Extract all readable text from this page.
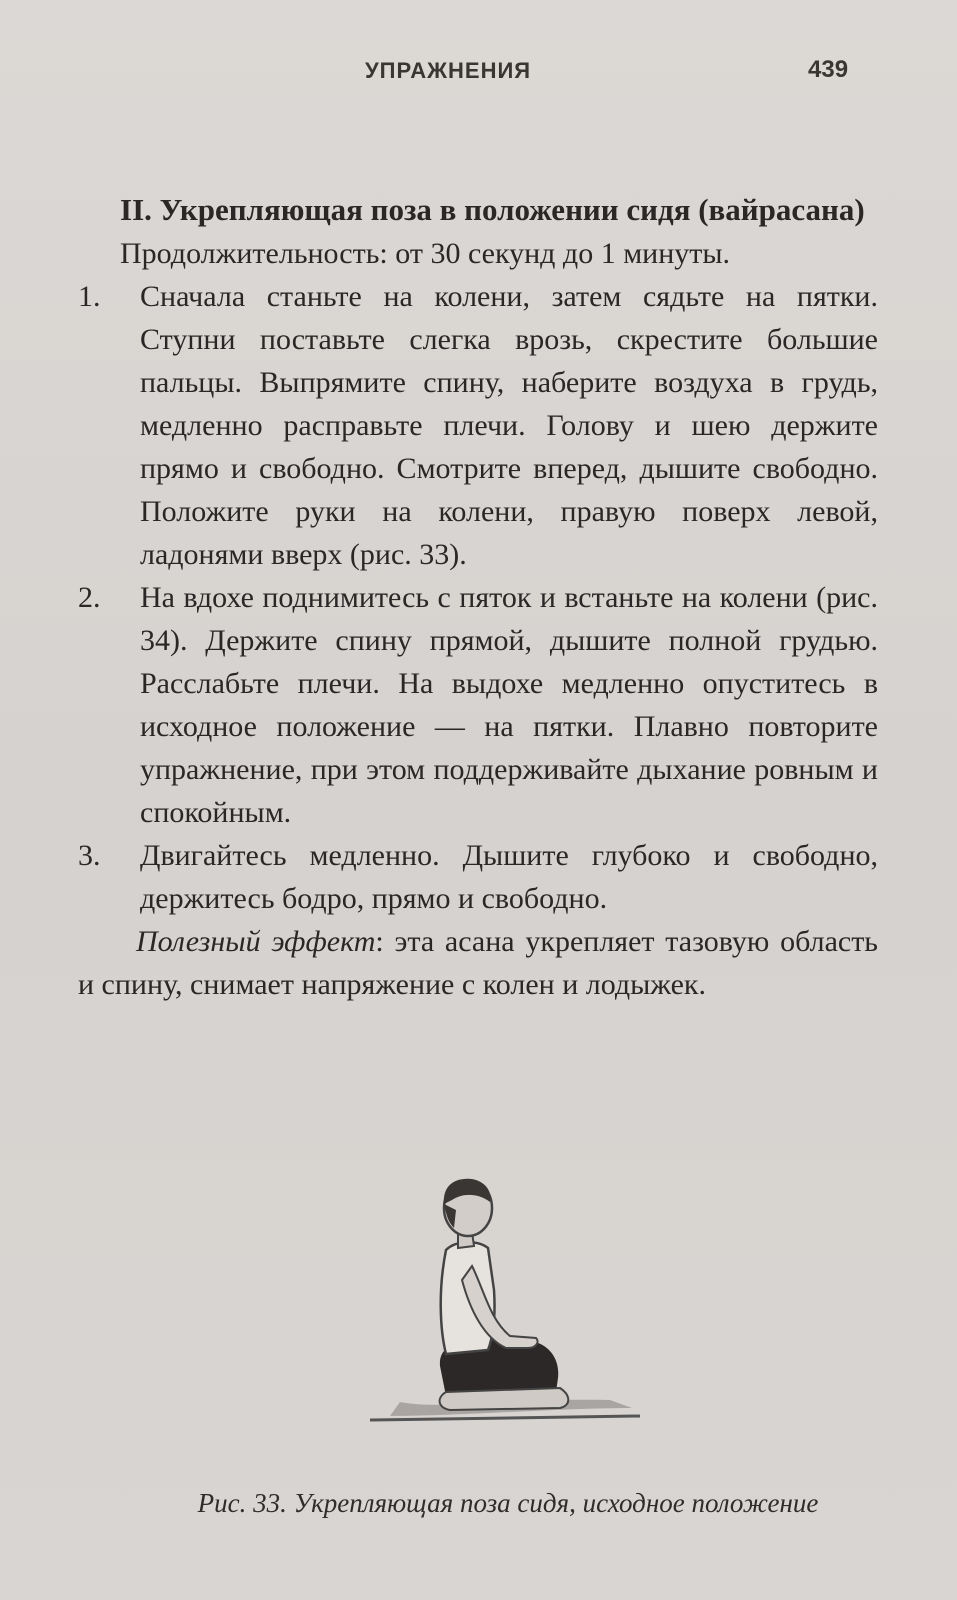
УПРАЖНЕНИЯ	439

II. Укрепляющая поза в положении сидя (вайрасана)

Продолжительность: от 30 секунд до 1 минуты.

1. Сначала станьте на колени, затем сядьте на пятки. Ступни поставьте слегка врозь, скрестите большие пальцы. Выпрямите спину, наберите воздуха в грудь, медленно расправьте плечи. Голову и шею держите прямо и свободно. Смотрите вперед, дышите свободно. Положите руки на колени, правую поверх левой, ладонями вверх (рис. 33).
2. На вдохе поднимитесь с пяток и встаньте на колени (рис. 34). Держите спину прямой, дышите полной грудью. Расслабьте плечи. На выдохе медленно опуститесь в исходное положение — на пятки. Плавно повторите упражнение, при этом поддерживайте дыхание ровным и спокойным.
3. Двигайтесь медленно. Дышите глубоко и свободно, держитесь бодро, прямо и свободно.

Полезный эффект: эта асана укрепляет тазовую область и спину, снимает напряжение с колен и лодыжек.

Рис. 33. Укрепляющая поза сидя, исходное положение
